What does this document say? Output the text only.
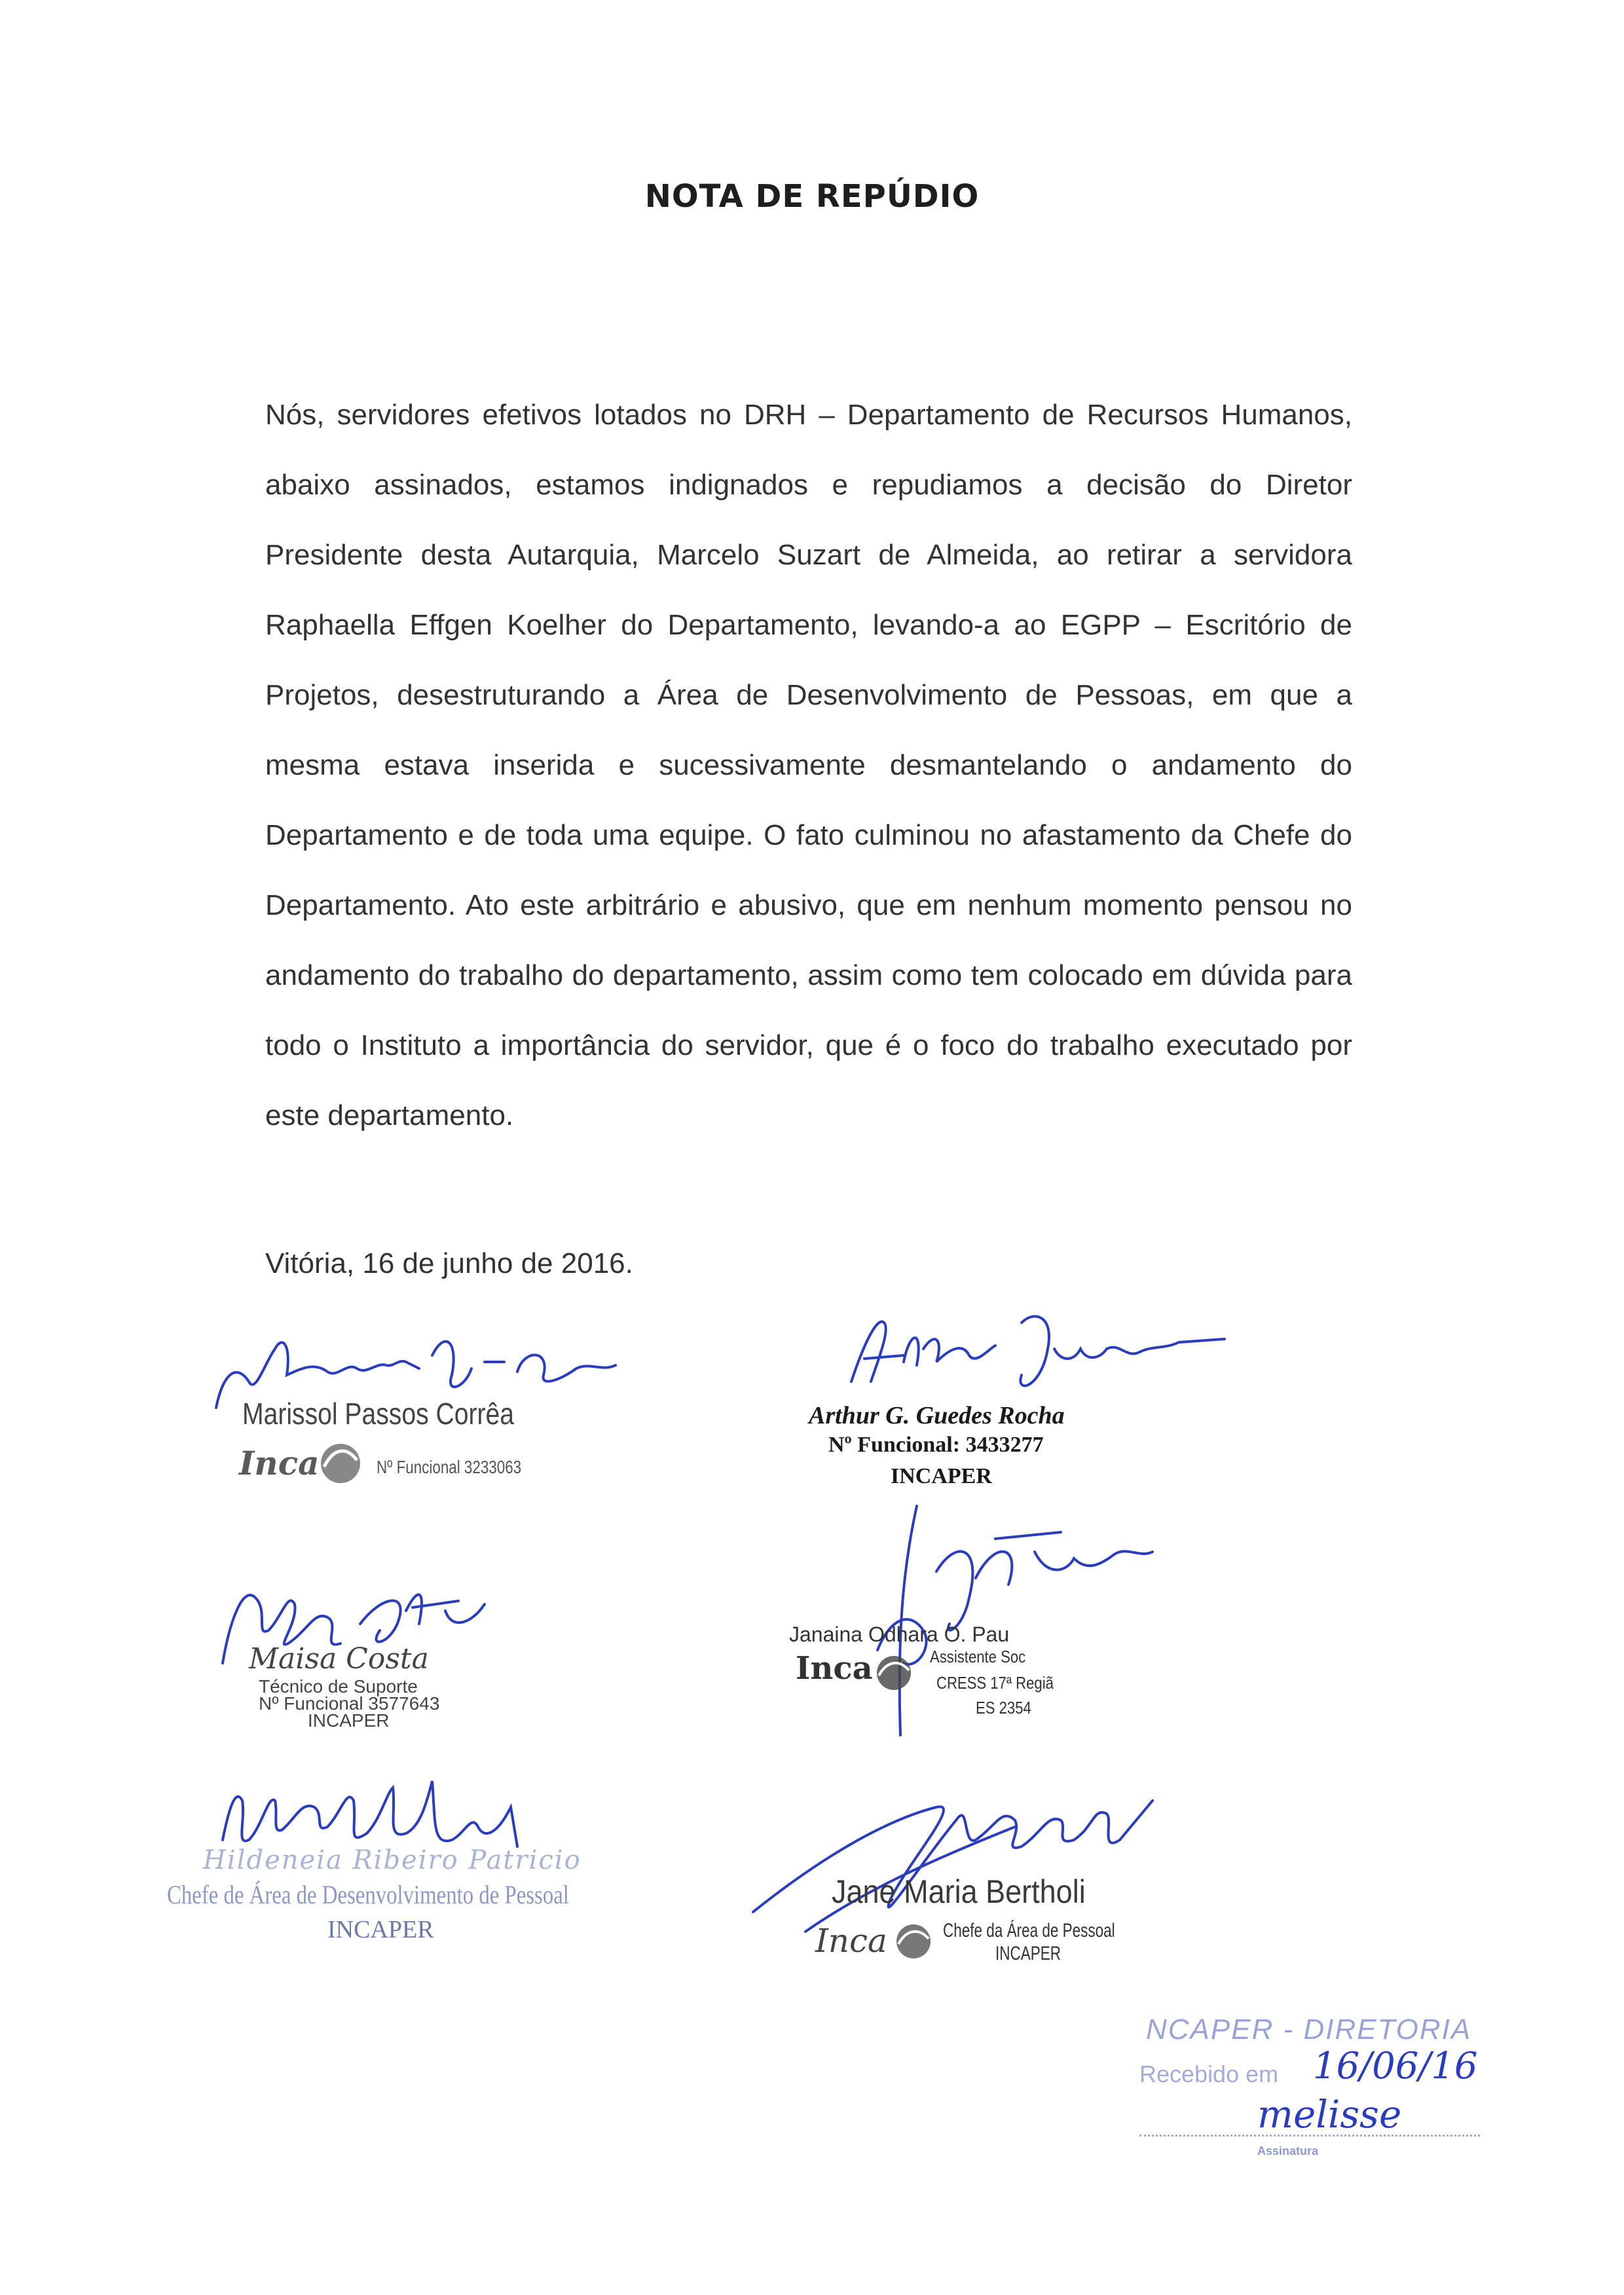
NOTA DE REPÚDIO

Nós, servidores efetivos lotados no DRH – Departamento de Recursos Humanos, abaixo assinados, estamos indignados e repudiamos a decisão do Diretor Presidente desta Autarquia, Marcelo Suzart de Almeida, ao retirar a servidora Raphaella Effgen Koelher do Departamento, levando-a ao EGPP – Escritório de Projetos, desestruturando a Área de Desenvolvimento de Pessoas, em que a mesma estava inserida e sucessivamente desmantelando o andamento do Departamento e de toda uma equipe. O fato culminou no afastamento da Chefe do Departamento. Ato este arbitrário e abusivo, que em nenhum momento pensou no andamento do trabalho do departamento, assim como tem colocado em dúvida para todo o Instituto a importância do servidor, que é o foco do trabalho executado por este departamento.

Vitória, 16 de junho de 2016.
Marissol Passos Corrêa
Inca	Nº Funcional 3233063
Arthur G. Guedes Rocha
Nº Funcional: 3433277
INCAPER
Maisa Costa
Técnico de Suporte
Nº Funcional 3577643
INCAPER
Janaina Odhara O. Pau
Inca	Assistente Soc
CRESS 17ª Regiã
ES 2354
Hildeneia Ribeiro Patricio
Chefe de Área de Desenvolvimento de Pessoal
INCAPER
Jane Maria Bertholi
Inca	Chefe da Área de Pessoal
INCAPER
NCAPER - DIRETORIA
Recebido em 16/06/16
melisse
Assinatura
